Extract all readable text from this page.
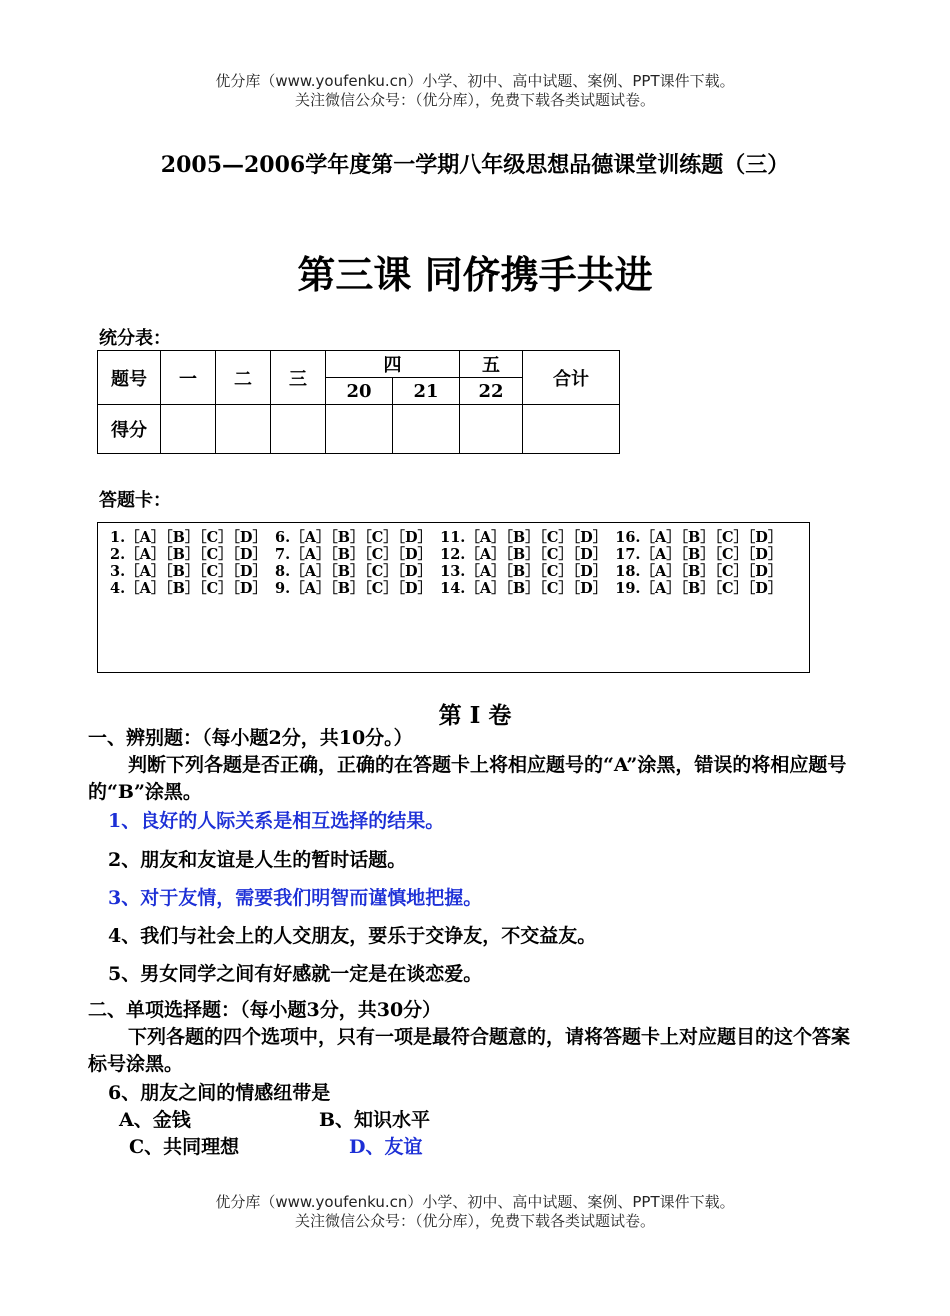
优分库（www.youfenku.cn）小学、初中、高中试题、案例、PPT课件下载。
关注微信公众号：（优分库），免费下载各类试题试卷。
2005—2006学年度第一学期八年级思想品德课堂训练题（三）
第三课 同侪携手共进
统分表：
题号	一	二	三	四		五	合计
				20	21	22	
得分							
答题卡：
1.［A］［B］［C］［D］ 6.［A］［B］［C］［D］ 11.［A］［B］［C］［D］ 16.［A］［B］［C］［D］
2.［A］［B］［C］［D］ 7.［A］［B］［C］［D］ 12.［A］［B］［C］［D］ 17.［A］［B］［C］［D］
3.［A］［B］［C］［D］ 8.［A］［B］［C］［D］ 13.［A］［B］［C］［D］ 18.［A］［B］［C］［D］
4.［A］［B］［C］［D］ 9.［A］［B］［C］［D］ 14.［A］［B］［C］［D］ 19.［A］［B］［C］［D］
第 Ⅰ 卷
一、辨别题：（每小题2分，共10分。）
判断下列各题是否正确，正确的在答题卡上将相应题号的“A”涂黑，错误的将相应题号的“B”涂黑。
1、良好的人际关系是相互选择的结果。
2、朋友和友谊是人生的暂时话题。
3、对于友情，需要我们明智而谨慎地把握。
4、我们与社会上的人交朋友，要乐于交诤友，不交益友。
5、男女同学之间有好感就一定是在谈恋爱。
二、单项选择题：（每小题3分，共30分）
下列各题的四个选项中，只有一项是最符合题意的，请将答题卡上对应题目的这个答案标号涂黑。
6、朋友之间的情感纽带是
A、金钱	B、知识水平
C、共同理想	D、友谊
优分库（www.youfenku.cn）小学、初中、高中试题、案例、PPT课件下载。
关注微信公众号：（优分库），免费下载各类试题试卷。
